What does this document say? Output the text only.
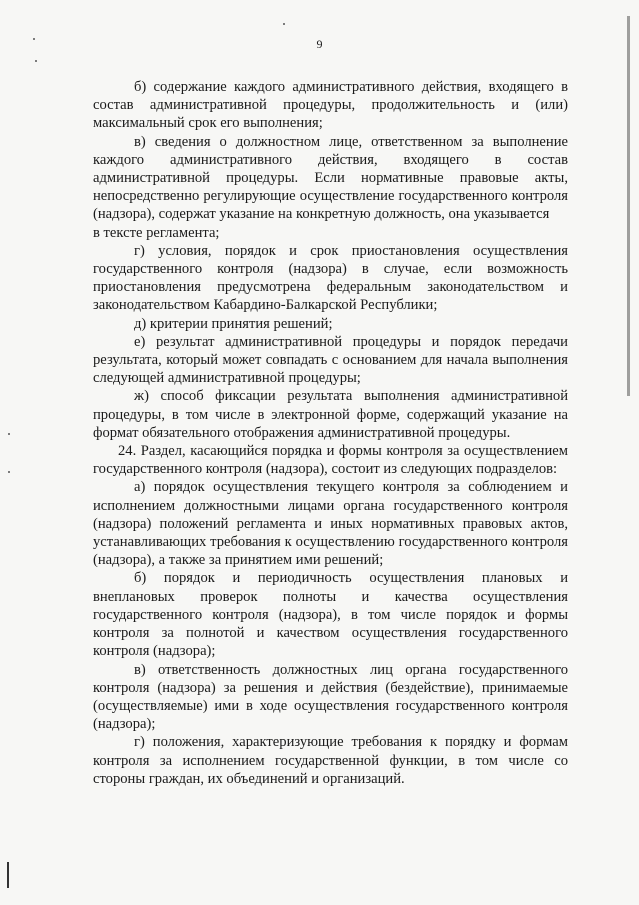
9

б) содержание каждого административного действия, входящего в состав административной процедуры, продолжительность и (или) максимальный срок его выполнения;

в) сведения о должностном лице, ответственном за выполнение каждого административного действия, входящего в состав административной процедуры. Если нормативные правовые акты, непосредственно регулирующие осуществление государственного контроля (надзора), содержат указание на конкретную должность, она указывается

в тексте регламента;

г) условия, порядок и срок приостановления осуществления государственного контроля (надзора) в случае, если возможность приостановления предусмотрена федеральным законодательством и законодательством Кабардино-Балкарской Республики;

д) критерии принятия решений;

е) результат административной процедуры и порядок передачи результата, который может совпадать с основанием для начала выполнения следующей административной процедуры;

ж) способ фиксации результата выполнения административной процедуры, в том числе в электронной форме, содержащий указание на формат обязательного отображения административной процедуры.

24. Раздел, касающийся порядка и формы контроля за осуществлением государственного контроля (надзора), состоит из следующих подразделов:

а) порядок осуществления текущего контроля за соблюдением и исполнением должностными лицами органа государственного контроля (надзора) положений регламента и иных нормативных правовых актов, устанавливающих требования к осуществлению государственного контроля (надзора), а также за принятием ими решений;

б) порядок и периодичность осуществления плановых и внеплановых проверок полноты и качества осуществления государственного контроля (надзора), в том числе порядок и формы контроля за полнотой и качеством осуществления государственного контроля (надзора);

в) ответственность должностных лиц органа государственного контроля (надзора) за решения и действия (бездействие), принимаемые (осуществляемые) ими в ходе осуществления государственного контроля (надзора);

г) положения, характеризующие требования к порядку и формам контроля за исполнением государственной функции, в том числе со стороны граждан, их объединений и организаций.
